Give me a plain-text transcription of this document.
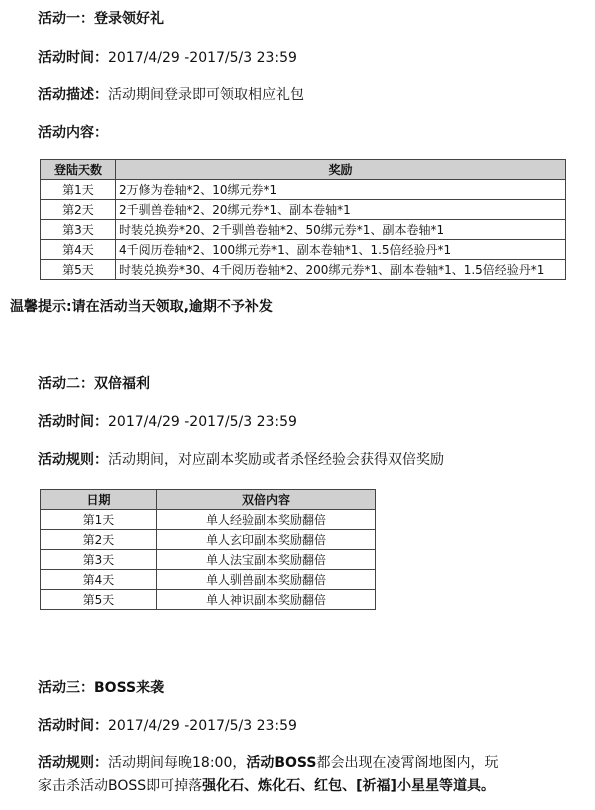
活动一：登录领好礼
活动时间：2017/4/29 -2017/5/3 23:59
活动描述：活动期间登录即可领取相应礼包
活动内容：
登陆天数	奖励
第1天	2万修为卷轴*2、10绑元券*1
第2天	2千驯兽卷轴*2、20绑元券*1、副本卷轴*1
第3天	时装兑换券*20、2千驯兽卷轴*2、50绑元券*1、副本卷轴*1
第4天	4千阅历卷轴*2、100绑元券*1、副本卷轴*1、1.5倍经验丹*1
第5天	时装兑换券*30、4千阅历卷轴*2、200绑元券*1、副本卷轴*1、1.5倍经验丹*1
温馨提示:请在活动当天领取,逾期不予补发
活动二：双倍福利
活动时间：2017/4/29 -2017/5/3 23:59
活动规则：活动期间，对应副本奖励或者杀怪经验会获得双倍奖励
日期	双倍内容
第1天	单人经验副本奖励翻倍
第2天	单人玄印副本奖励翻倍
第3天	单人法宝副本奖励翻倍
第4天	单人驯兽副本奖励翻倍
第5天	单人神识副本奖励翻倍
活动三：BOSS来袭
活动时间：2017/4/29 -2017/5/3 23:59
活动规则：活动期间每晚18:00，活动BOSS都会出现在凌霄阁地图内，玩
家击杀活动BOSS即可掉落强化石、炼化石、红包、[祈福]小星星等道具。
